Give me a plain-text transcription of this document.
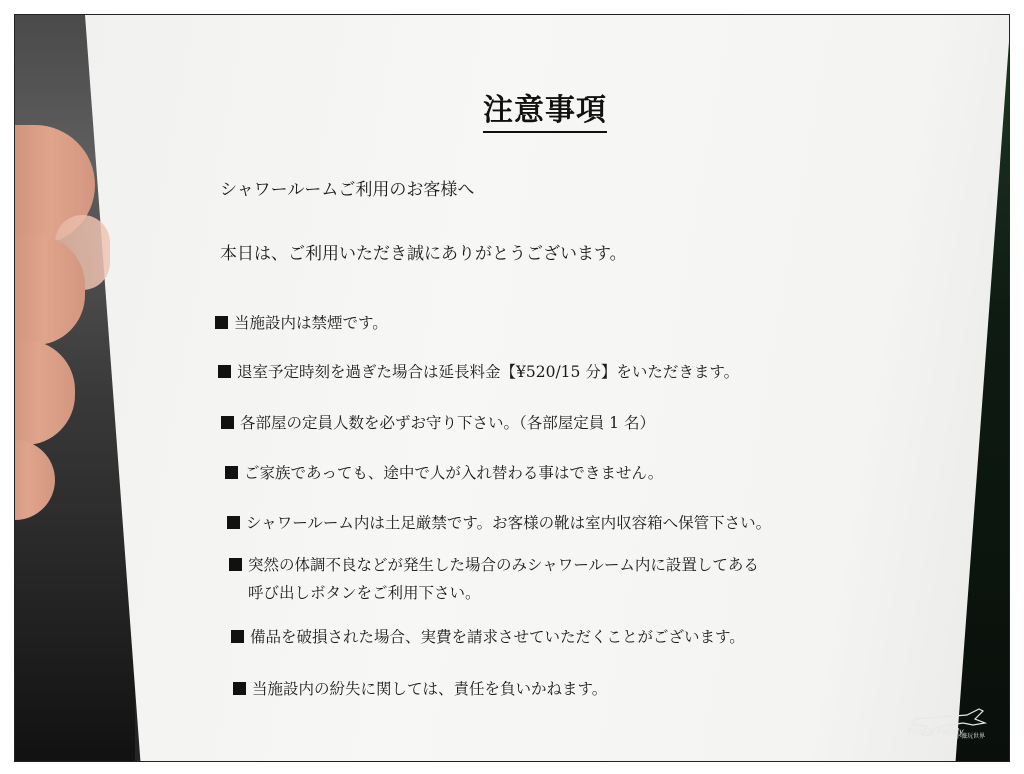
注意事項
シャワールームご利用のお客様へ
本日は、ご利用いただき誠にありがとうございます。
当施設内は禁煙です。
退室予定時刻を過ぎた場合は延長料金【¥520/15 分】をいただきます。
各部屋の定員人数を必ずお守り下さい。（各部屋定員 1 名）
ご家族であっても、途中で人が入れ替わる事はできません。
シャワールーム内は土足厳禁です。お客様の靴は室内収容箱へ保管下さい。
突然の体調不良などが発生した場合のみシャワールーム内に設置してある
呼び出しボタンをご利用下さい。
備品を破損された場合、実費を請求させていただくことがございます。
当施設内の紛失に関しては、責任を負いかねます。
Ying @ Family
小薇玩世界
